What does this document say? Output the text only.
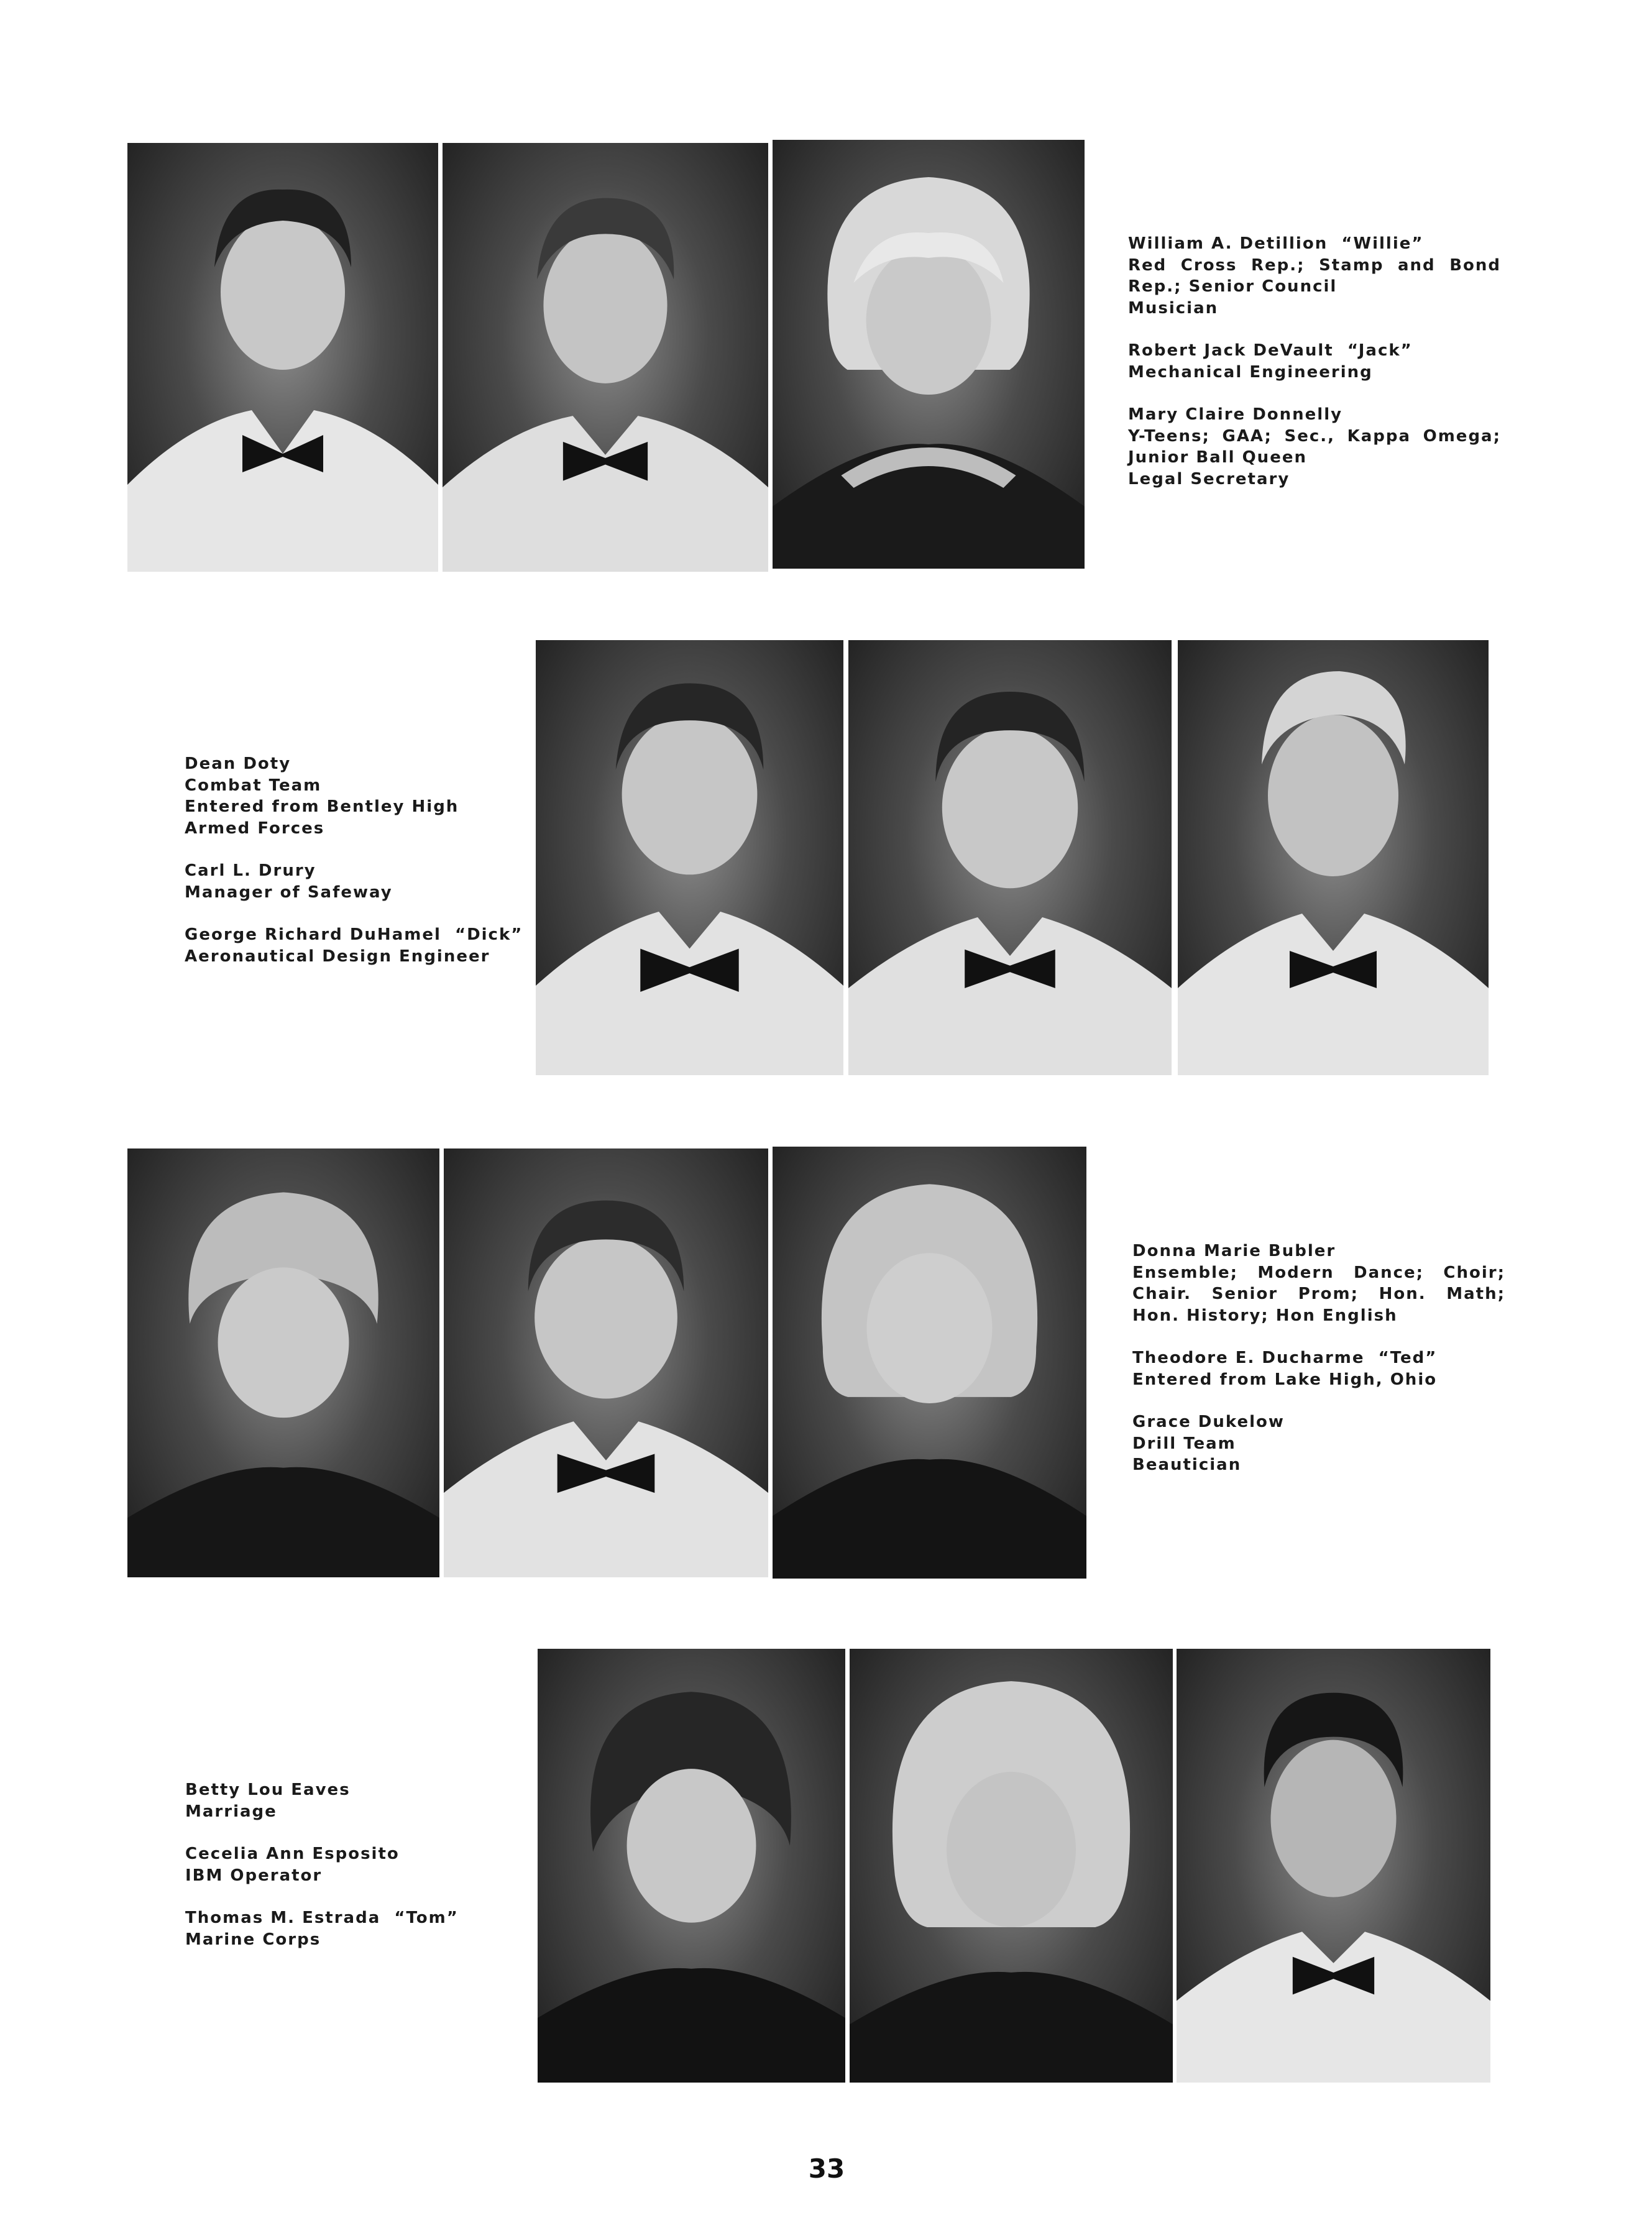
William A. Detillion  “Willie”
Red Cross Rep.; Stamp and Bond Rep.; Senior Council
Musician
Robert Jack DeVault  “Jack”
Mechanical Engineering
Mary Claire Donnelly
Y-Teens; GAA; Sec., Kappa Omega; Junior Ball Queen
Legal Secretary
Dean Doty
Combat Team
Entered from Bentley High
Armed Forces
Carl L. Drury
Manager of Safeway
George Richard DuHamel  “Dick”
Aeronautical Design Engineer
Donna Marie Bubler
Ensemble; Modern Dance; Choir; Chair. Senior Prom; Hon. Math; Hon. History; Hon English
Theodore E. Ducharme  “Ted”
Entered from Lake High, Ohio
Grace Dukelow
Drill Team
Beautician
Betty Lou Eaves
Marriage
Cecelia Ann Esposito
IBM Operator
Thomas M. Estrada  “Tom”
Marine Corps
33
